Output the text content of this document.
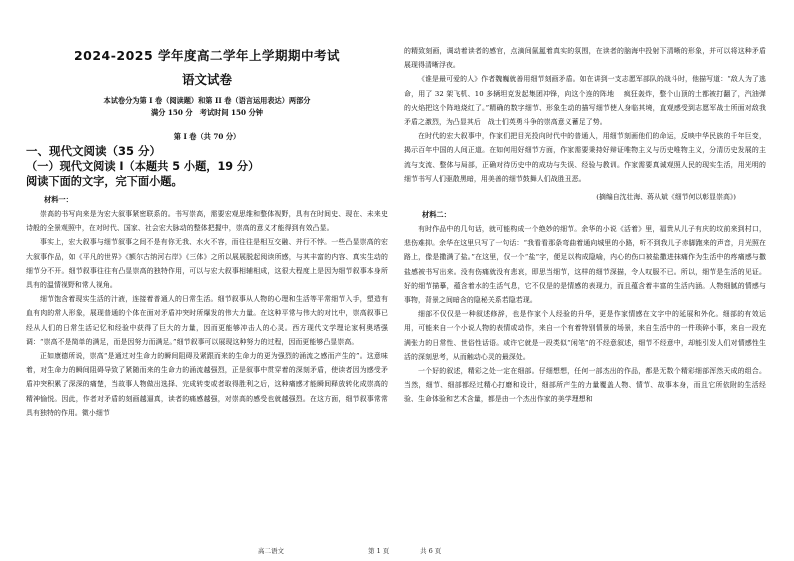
2024-2025 学年度高二学年上学期期中考试
语文试卷
本试卷分为第 I 卷（阅读题）和第 II 卷（语言运用表达）两部分
满分 150 分　考试时间 150 分钟
第 I 卷（共 70 分）
一、现代文阅读（35 分）
（一）现代文阅读 I（本题共 5 小题，19 分）
阅读下面的文字，完下面小题。
材料一：

崇高的书写向来是为宏大叙事紧密联系的。书写崇高，需要宏观思维和整体视野，具有在时间史、现在、未来史诗般的全景观照中，在对时代、国家、社会宏大脉动的整体把握中，崇高的意义才能得到有效凸显。

事实上，宏大叙事与细节叙事之间不是有你无我、水火不容，而往往是相互交融、并行不悖。一些凸显崇高的宏大叙事作品，如《平凡的世界》《额尔古纳河右岸》《三体》之所以展展脱起阅读所感，与其丰富的内容、真实生动的细节分不开。细节叙事往往有凸显崇高的独特作用，可以与宏大叙事相辅相成，这很大程度上是因为细节叙事本身所具有的温情视野和常人视角。

细节饱含着现实生活的汁液，连接着普通人的日常生活。细节叙事从人物的心理和生活等平常细节入手，塑造有血有肉的常人形象，展现普通的个体在面对矛盾冲突时所爆发的伟大力量。在这种平常与伟大的对比中，崇高叙事已经从人们的日常生活记忆和经验中获得了巨大的力量，因而更能够冲击人的心灵。西方现代文学理论家柯奥塔强调：“崇高不是简单的满足，而是因努力而满足。”细节叙事可以展现这种努力的过程，因而更能够凸显崇高。

正如康德所说，崇高“是通过对生命力的瞬间阻碍及紧跟而来的生命力的更为强烈的涌流之感而产生的”。这意味着，对生命力的瞬间阻碍导致了紧随而来的生命力的涌流越强烈，正是叙事中贯穿着的深刻矛盾，使读者因为感受矛盾冲突积累了深深的痛楚，当故事人物做出选择、完成转变或者取得胜利之后，这种痛感才能瞬间释放转化成崇高的精神愉悦。因此，作者对矛盾的刻画越逼真，读者的痛感越强，对崇高的感受也就越强烈。在这方面，细节叙事常常具有独特的作用。微小细节

的精致刻画，调动着读者的感官，点滴间氤氲着真实的氛围，在读者的脑海中投射下清晰的形象，并可以将这种矛盾展现得清晰浮夜。

《谁是最可爱的人》作者魏巍就善用细节刻画矛盾。如在讲到一支志愿军部队的战斗时，他描写道：“敌人为了逃命，用了 32 架飞机、10 多辆坦克发起集团冲锋，向这个连的阵地　 疯狂轰炸，整个山顶的土都被打翻了，汽油弹的火焰把这个阵地烧红了。”精确的数字细节、形象生动的描写细节使人身临其境，直观感受到志愿军战士所面对敌我矛盾之激烈，为凸显其后　战士们英勇斗争的崇高意义蓄足了势。

在时代的宏大叙事中，作家们把目光投向时代中的普通人，用细节刻画他们的命运，反映中华民族的千年巨变，揭示百年中国的人间正道。在如何用好细节方面，作家需要秉持好辩证唯物主义与历史唯物主义，分清历史发展的主流与支流、整体与局部，正确对待历史中的成功与失误、经验与教训。作家需要真诚观照人民的现实生活，用光明的细节书写人们驱散黑暗，用美善的细节鼓舞人们战胜丑恶。

(摘编自沈壮海、蒋从斌《细节何以彰显崇高》)
材料二：

有时作品中的几句话，就可能构成一个绝妙的细节。余华的小说《活着》里，福贵从儿子有庆的坟前来到村口，悲伤难抑。余华在这里只写了一句话：“我看看那条弯曲着通向城里的小路，听不到我儿子赤脚跑来的声音，月光照在路上，像是撒满了盐。”在这里，仅一个“盐”字，便足以构成隐喻，内心的伤口被盐撒进抹痛作为生活中的疼痛感与撒盐感被书写出来。没有伤痛就没有悲哀，即思当细节，这样的细节深描，令人叹服不已。所以，细节是生活的见证。好的细节描摹，蕴含着水的生活气息，它不仅是的是情感的表现力，而且蕴含着丰富的生活内涵。人物细腻的情感与事物，背景之间暗含的隐秘关系若隐若现。

细部不仅仅是一种叙述修辞，也是作家个人经验的升华，更是作家情感在文字中的延展和外化。细部的有效运用，可能来自一个小说人物的表情或动作，来自一个有着特别情景的场景，来自生活中的一件琐碎小事，来自一段充满张力的日常性、世俗性话语。或许它就是一段类似“闲笔”的不经意叙述，细节不经意中，却能引发人们对情感性生活的深刻思考，从而触动心灵的最深处。

一个好的叙述，精彩之处一定在细部。仔细想想，任何一部杰出的作品，都是无数个精彩细部浑然天成的组合。当然，细节、细部都经过精心打磨和设计，细部所产生的力量覆盖人物、情节、故事本身，而且它所依附的生活经验、生命体验和艺术含量，都是由一个杰出作家的美学理想和

高二语文	第 1 页	共 6 页
